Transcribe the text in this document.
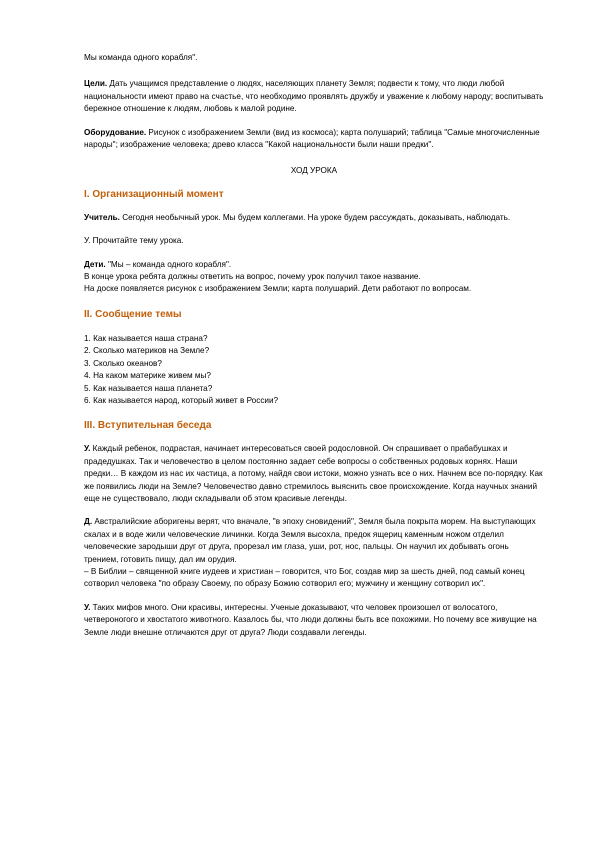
Мы команда одного корабля".

Цели. Дать учащимся представление о людях, населяющих планету Земля; подвести к тому, что люди любой национальности имеют право на счастье, что необходимо проявлять дружбу и уважение к любому народу; воспитывать бережное отношение к людям, любовь к малой родине.

Оборудование. Рисунок с изображением Земли (вид из космоса); карта полушарий; таблица "Самые многочисленные народы"; изображение человека; древо класса "Какой национальности были наши предки".

ХОД УРОКА

I. Организационный момент

Учитель. Сегодня необычный урок. Мы будем коллегами. На уроке будем рассуждать, доказывать, наблюдать.

У. Прочитайте тему урока.

Дети. "Мы – команда одного корабля".

В конце урока ребята должны ответить на вопрос, почему урок получил такое название.

На доске появляется рисунок с изображением Земли; карта полушарий. Дети работают по вопросам.

II. Сообщение темы
1. Как называется наша страна?
2. Сколько материков на Земле?
3. Сколько океанов?
4. На каком материке живем мы?
5. Как называется наша планета?
6. Как называется народ, который живет в России?
III. Вступительная беседа

У. Каждый ребенок, подрастая, начинает интересоваться своей родословной. Он спрашивает о прабабушках и прадедушках. Так и человечество в целом постоянно задает себе вопросы о собственных родовых корнях. Наши предки… В каждом из нас их частица, а потому, найдя свои истоки, можно узнать все о них. Начнем все по-порядку. Как же появились люди на Земле? Человечество давно стремилось выяснить свое происхождение. Когда научных знаний еще не существовало, люди складывали об этом красивые легенды.

Д. Австралийские аборигены верят, что вначале, "в эпоху сновидений", Земля была покрыта морем. На выступающих скалах и в воде жили человеческие личинки. Когда Земля высохла, предок ящериц каменным ножом отделил человеческие зародыши друг от друга, прорезал им глаза, уши, рот, нос, пальцы. Он научил их добывать огонь трением, готовить пищу, дал им орудия.

– В Библии – священной книге иудеев и христиан – говорится, что Бог, создав мир за шесть дней, под самый конец сотворил человека "по образу Своему, по образу Божию сотворил его; мужчину и женщину сотворил их".

У. Таких мифов много. Они красивы, интересны. Ученые доказывают, что человек произошел от волосатого, четвероногого и хвостатого животного. Казалось бы, что люди должны быть все похожими. Но почему все живущие на Земле люди внешне отличаются друг от друга? Люди создавали легенды.
